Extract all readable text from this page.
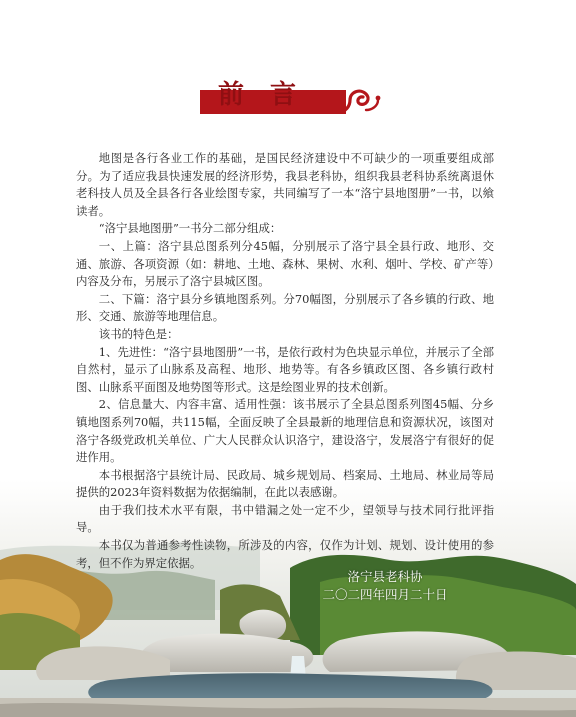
前言

地图是各行各业工作的基础，是国民经济建设中不可缺少的一项重要组成部分。为了适应我县快速发展的经济形势，我县老科协，组织我县老科协系统离退休老科技人员及全县各行各业绘图专家，共同编写了一本“洛宁县地图册”一书，以飨读者。

“洛宁县地图册”一书分二部分组成：

一、上篇：洛宁县总图系列分45幅，分别展示了洛宁县全县行政、地形、交通、旅游、各项资源（如：耕地、土地、森林、果树、水利、烟叶、学校、矿产等）内容及分布，另展示了洛宁县城区图。

二、下篇：洛宁县分乡镇地图系列。分70幅图，分别展示了各乡镇的行政、地形、交通、旅游等地理信息。

该书的特色是：

1、先进性：“洛宁县地图册”一书，是依行政村为色块显示单位，并展示了全部自然村，显示了山脉系及高程、地形、地势等。有各乡镇政区图、各乡镇行政村图、山脉系平面图及地势图等形式。这是绘图业界的技术创新。

2、信息量大、内容丰富、适用性强：该书展示了全县总图系列图45幅、分乡镇地图系列70幅，共115幅，全面反映了全县最新的地理信息和资源状况，该图对洛宁各级党政机关单位、广大人民群众认识洛宁，建设洛宁，发展洛宁有很好的促进作用。

本书根据洛宁县统计局、民政局、城乡规划局、档案局、土地局、林业局等局提供的2023年资料数据为依据编制，在此以表感谢。

由于我们技术水平有限，书中错漏之处一定不少，望领导与技术同行批评指导。

本书仅为普通参考性读物，所涉及的内容，仅作为计划、规划、设计使用的参考，但不作为界定依据。

洛宁县老科协
二〇二四年四月二十日
